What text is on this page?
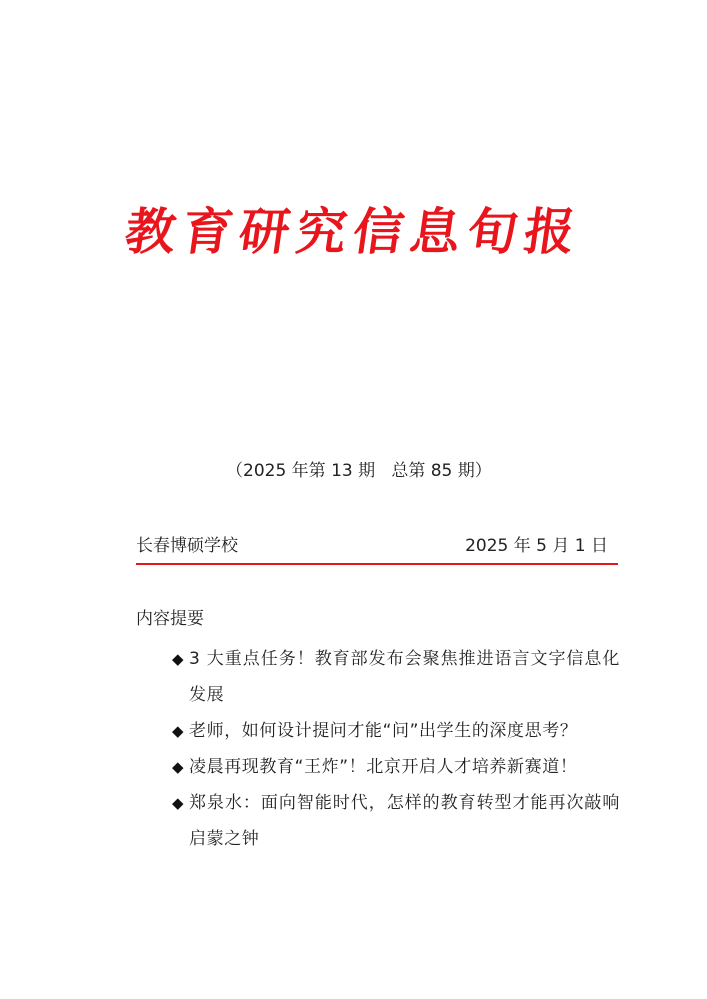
教育研究信息旬报
（2025 年第 13 期   总第 85 期）
长春博硕学校	2025 年 5 月 1 日
内容提要
◆ 3 大重点任务！教育部发布会聚焦推进语言文字信息化发展
◆ 老师，如何设计提问才能“问”出学生的深度思考？
◆ 凌晨再现教育“王炸”！北京开启人才培养新赛道！
◆ 郑泉水：面向智能时代，怎样的教育转型才能再次敲响启蒙之钟
